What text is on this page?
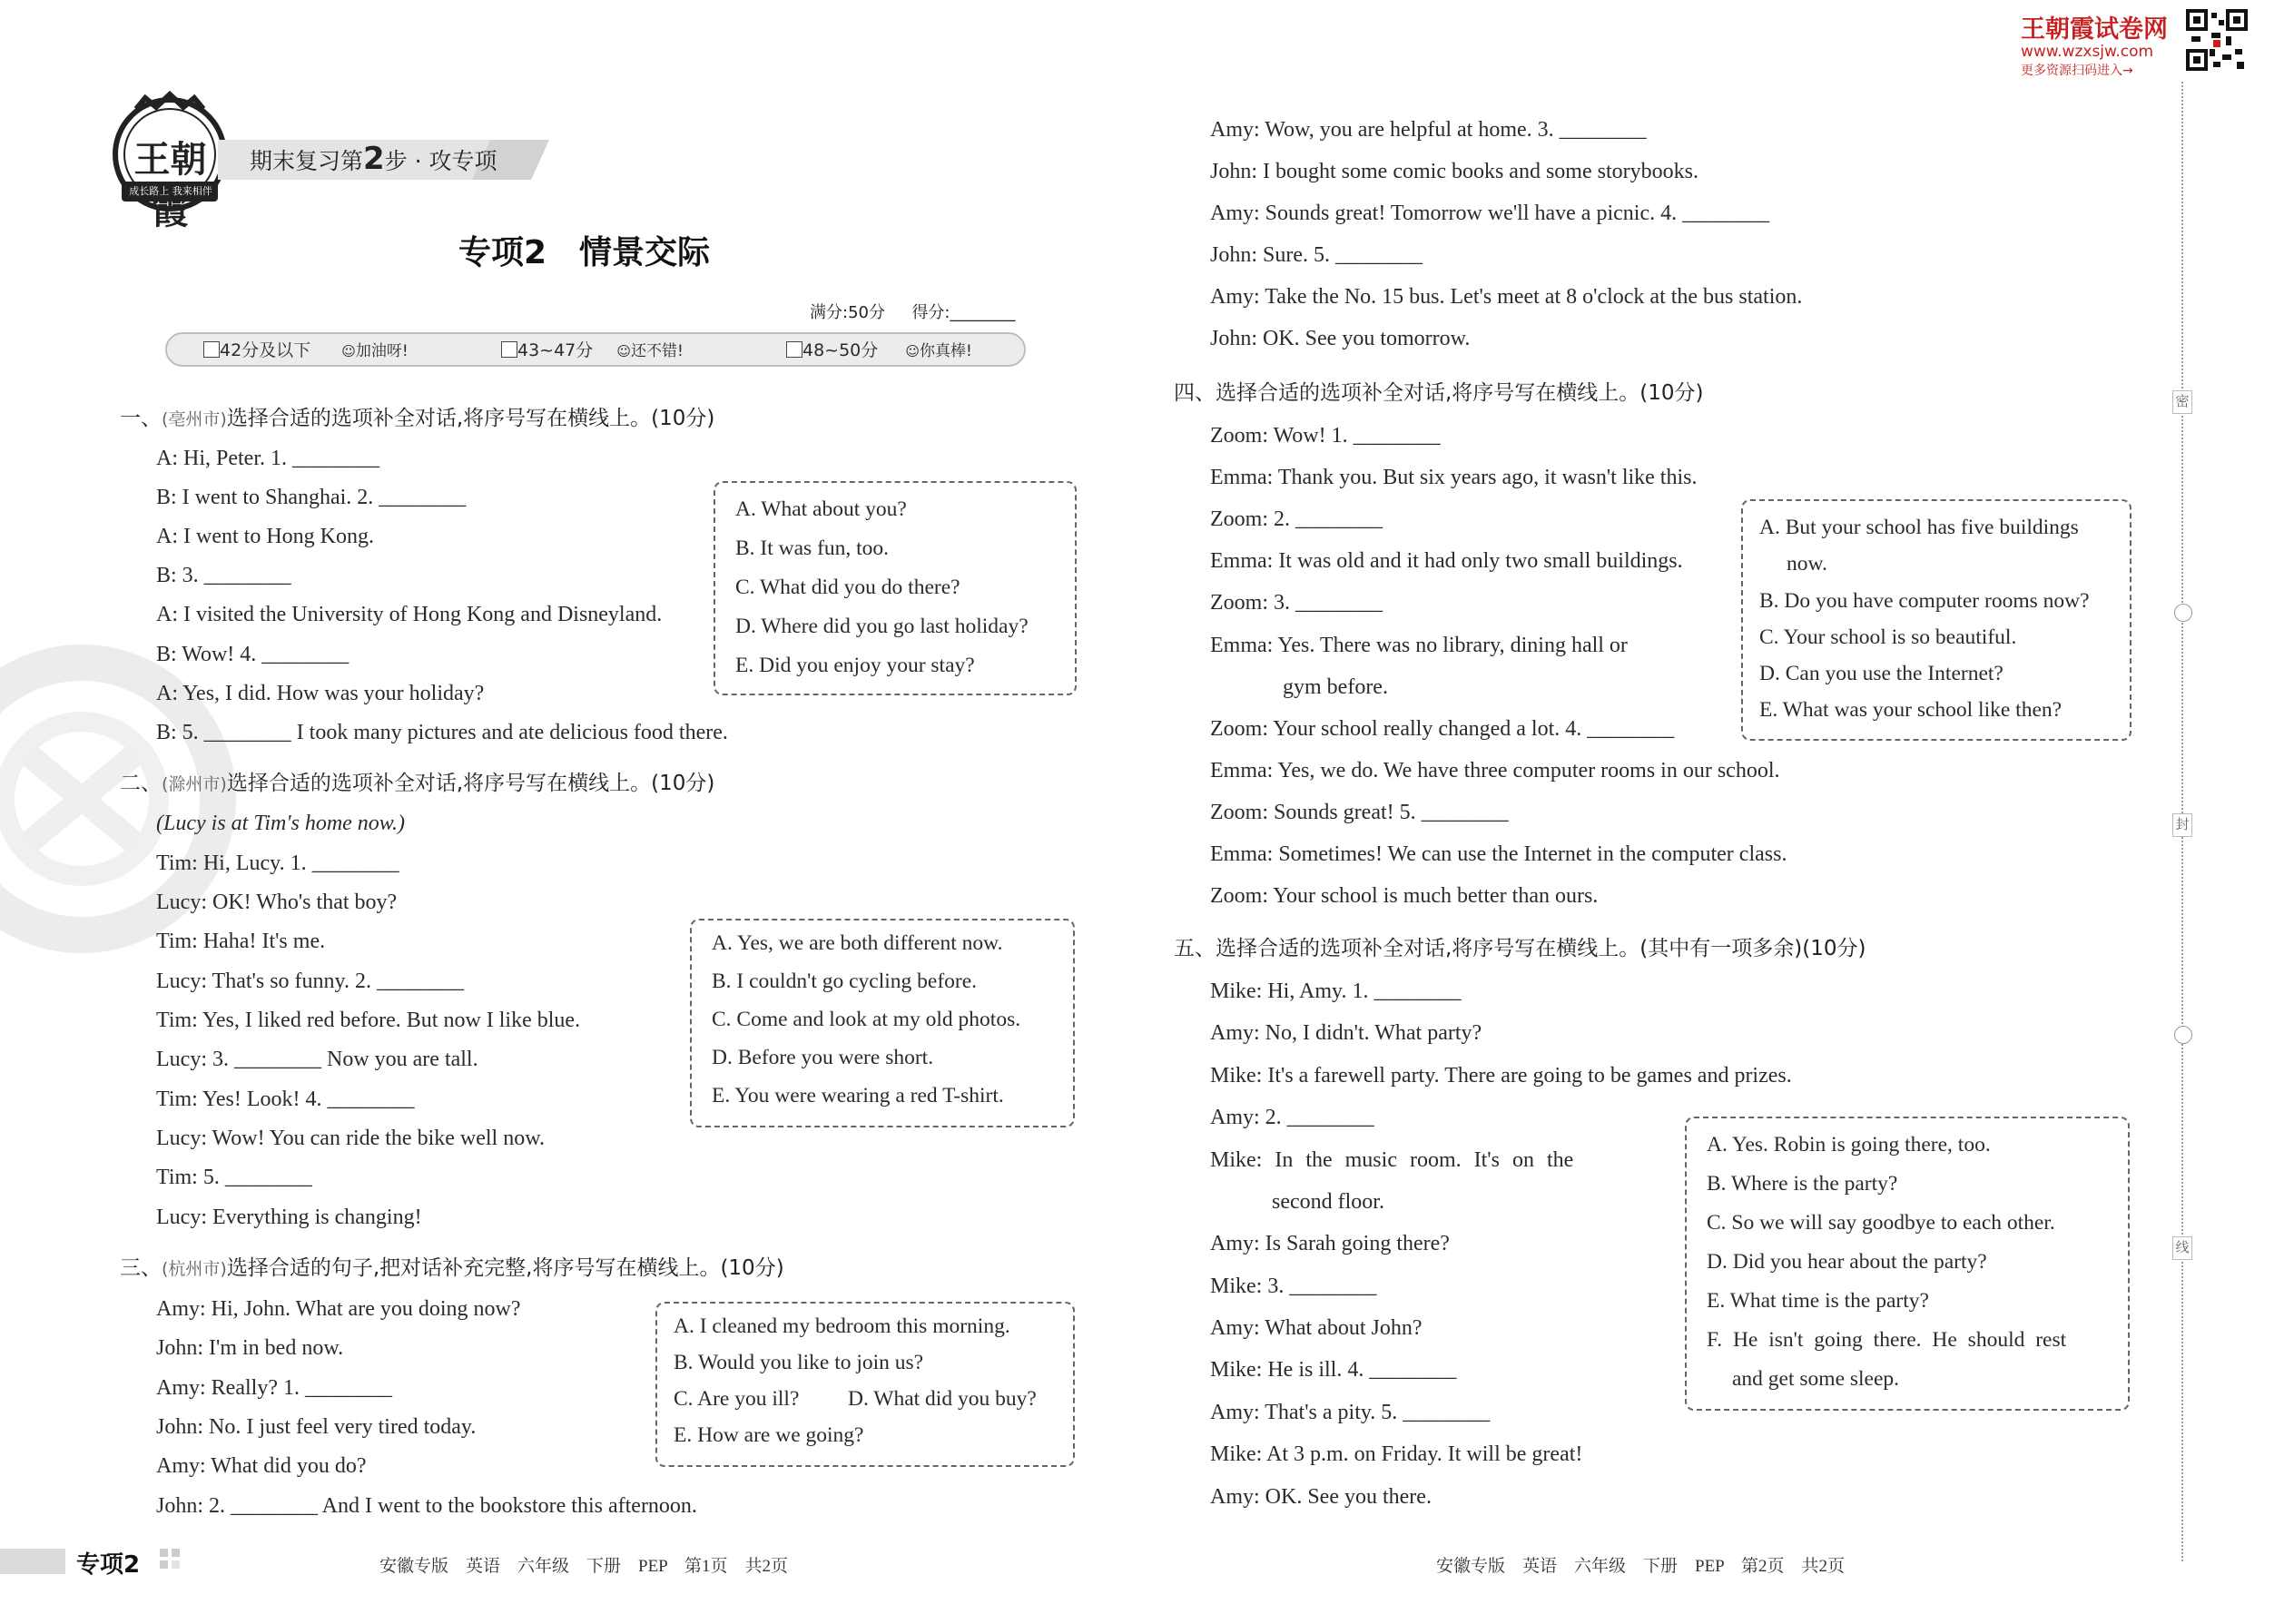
王朝霞
成长路上 我来相伴
期末复习第2步 · 攻专项
专项2　情景交际
满分:50分 得分:________
42分及以下 ☺加油呀!	43~47分 ☺还不错!	48~50分 ☺你真棒!
王朝霞试卷网
www.wzxsjw.com
更多资源扫码进入→
一、(亳州市)选择合适的选项补全对话,将序号写在横线上。(10分)
A: Hi, Peter. 1. ________
B: I went to Shanghai. 2. ________
A: I went to Hong Kong.
B: 3. ________
A: I visited the University of Hong Kong and Disneyland.
B: Wow! 4. ________
A: Yes, I did. How was your holiday?
B: 5. ________ I took many pictures and ate delicious food there.
A. What about you?
B. It was fun, too.
C. What did you do there?
D. Where did you go last holiday?
E. Did you enjoy your stay?
二、(滁州市)选择合适的选项补全对话,将序号写在横线上。(10分)
(Lucy is at Tim's home now.)
Tim: Hi, Lucy. 1. ________
Lucy: OK! Who's that boy?
Tim: Haha! It's me.
Lucy: That's so funny. 2. ________
Tim: Yes, I liked red before. But now I like blue.
Lucy: 3. ________ Now you are tall.
Tim: Yes! Look! 4. ________
Lucy: Wow! You can ride the bike well now.
Tim: 5. ________
Lucy: Everything is changing!
A. Yes, we are both different now.
B. I couldn't go cycling before.
C. Come and look at my old photos.
D. Before you were short.
E. You were wearing a red T-shirt.
三、(杭州市)选择合适的句子,把对话补充完整,将序号写在横线上。(10分)
Amy: Hi, John. What are you doing now?
John: I'm in bed now.
Amy: Really? 1. ________
John: No. I just feel very tired today.
Amy: What did you do?
John: 2. ________ And I went to the bookstore this afternoon.
A. I cleaned my bedroom this morning.
B. Would you like to join us?
C. Are you ill? D. What did you buy?
E. How are we going?
专项2	安徽专版　英语　六年级　下册　PEP　第1页　共2页
Amy: Wow, you are helpful at home. 3. ________
John: I bought some comic books and some storybooks.
Amy: Sounds great! Tomorrow we'll have a picnic. 4. ________
John: Sure. 5. ________
Amy: Take the No. 15 bus. Let's meet at 8 o'clock at the bus station.
John: OK. See you tomorrow.
四、选择合适的选项补全对话,将序号写在横线上。(10分)
Zoom: Wow! 1. ________
Emma: Thank you. But six years ago, it wasn't like this.
Zoom: 2. ________
Emma: It was old and it had only two small buildings.
Zoom: 3. ________
Emma: Yes. There was no library, dining hall or
gym before.
Zoom: Your school really changed a lot. 4. ________
Emma: Yes, we do. We have three computer rooms in our school.
Zoom: Sounds great! 5. ________
Emma: Sometimes! We can use the Internet in the computer class.
Zoom: Your school is much better than ours.
A. But your school has five buildings
now.
B. Do you have computer rooms now?
C. Your school is so beautiful.
D. Can you use the Internet?
E. What was your school like then?
五、选择合适的选项补全对话,将序号写在横线上。(其中有一项多余)(10分)
Mike: Hi, Amy. 1. ________
Amy: No, I didn't. What party?
Mike: It's a farewell party. There are going to be games and prizes.
Amy: 2. ________
Mike: In the music room. It's on the
second floor.
Amy: Is Sarah going there?
Mike: 3. ________
Amy: What about John?
Mike: He is ill. 4. ________
Amy: That's a pity. 5. ________
Mike: At 3 p.m. on Friday. It will be great!
Amy: OK. See you there.
A. Yes. Robin is going there, too.
B. Where is the party?
C. So we will say goodbye to each other.
D. Did you hear about the party?
E. What time is the party?
F. He isn't going there. He should rest
and get some sleep.
安徽专版　英语　六年级　下册　PEP　第2页　共2页
密
封
线
